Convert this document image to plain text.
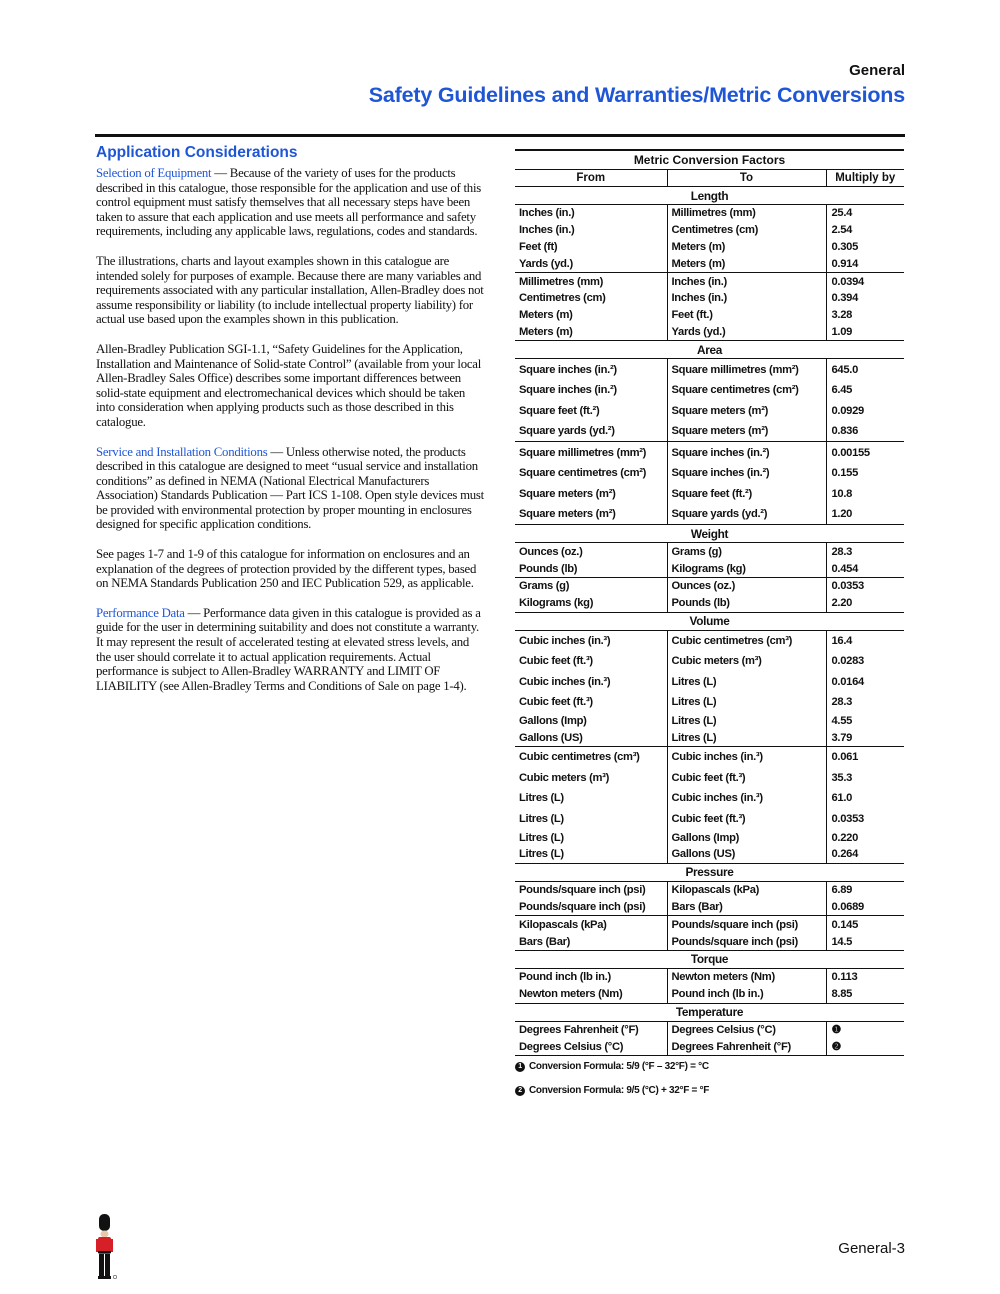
General
Safety Guidelines and Warranties/Metric Conversions
Application Considerations

Selection of Equipment — Because of the variety of uses for the products described in this catalogue, those responsible for the application and use of this control equipment must satisfy themselves that all necessary steps have been taken to assure that each application and use meets all performance and safety requirements, including any applicable laws, regulations, codes and standards.

The illustrations, charts and layout examples shown in this catalogue are intended solely for purposes of example. Because there are many variables and requirements associated with any particular installation, Allen-Bradley does not assume responsibility or liability (to include intellectual property liability) for actual use based upon the examples shown in this publication.

Allen-Bradley Publication SGI-1.1, “Safety Guidelines for the Application, Installation and Maintenance of Solid-state Control” (available from your local Allen-Bradley Sales Office) describes some important differences between solid-state equipment and electromechanical devices which should be taken into consideration when applying products such as those described in this catalogue.

Service and Installation Conditions — Unless otherwise noted, the products described in this catalogue are designed to meet “usual service and installation conditions” as defined in NEMA (National Electrical Manufacturers Association) Standards Publication — Part ICS 1-108. Open style devices must be provided with environmental protection by proper mounting in enclosures designed for specific application conditions.

See pages 1-7 and 1-9 of this catalogue for information on enclosures and an explanation of the degrees of protection provided by the different types, based on NEMA Standards Publication 250 and IEC Publication 529, as applicable.

Performance Data — Performance data given in this catalogue is provided as a guide for the user in determining suitability and does not constitute a warranty. It may represent the result of accelerated testing at elevated stress levels, and the user should correlate it to actual application requirements. Actual performance is subject to Allen-Bradley WARRANTY and LIMIT OF LIABILITY (see Allen-Bradley Terms and Conditions of Sale on page 1-4).

Metric Conversion Factors		
From	To	Multiply by
Length		
Inches (in.)	Millimetres (mm)	25.4
Inches (in.)	Centimetres (cm)	2.54
Feet (ft)	Meters (m)	0.305
Yards (yd.)	Meters (m)	0.914
Millimetres (mm)	Inches (in.)	0.0394
Centimetres (cm)	Inches (in.)	0.394
Meters (m)	Feet (ft.)	3.28
Meters (m)	Yards (yd.)	1.09
Area		
Square inches (in.²)	Square millimetres (mm²)	645.0
Square inches (in.²)	Square centimetres (cm²)	6.45
Square feet (ft.²)	Square meters (m²)	0.0929
Square yards (yd.²)	Square meters (m²)	0.836
Square millimetres (mm²)	Square inches (in.²)	0.00155
Square centimetres (cm²)	Square inches (in.²)	0.155
Square meters (m²)	Square feet (ft.²)	10.8
Square meters (m²)	Square yards (yd.²)	1.20
Weight		
Ounces (oz.)	Grams (g)	28.3
Pounds (lb)	Kilograms (kg)	0.454
Grams (g)	Ounces (oz.)	0.0353
Kilograms (kg)	Pounds (lb)	2.20
Volume		
Cubic inches (in.³)	Cubic centimetres (cm³)	16.4
Cubic feet (ft.³)	Cubic meters (m³)	0.0283
Cubic inches (in.³)	Litres (L)	0.0164
Cubic feet (ft.³)	Litres (L)	28.3
Gallons (Imp)	Litres (L)	4.55
Gallons (US)	Litres (L)	3.79
Cubic centimetres (cm³)	Cubic inches (in.³)	0.061
Cubic meters (m³)	Cubic feet (ft.³)	35.3
Litres (L)	Cubic inches (in.³)	61.0
Litres (L)	Cubic feet (ft.³)	0.0353
Litres (L)	Gallons (Imp)	0.220
Litres (L)	Gallons (US)	0.264
Pressure		
Pounds/square inch (psi)	Kilopascals (kPa)	6.89
Pounds/square inch (psi)	Bars (Bar)	0.0689
Kilopascals (kPa)	Pounds/square inch (psi)	0.145
Bars (Bar)	Pounds/square inch (psi)	14.5
Torque		
Pound inch (lb in.)	Newton meters (Nm)	0.113
Newton meters (Nm)	Pound inch (lb in.)	8.85
Temperature		
Degrees Fahrenheit (°F)	Degrees Celsius (°C)	❶
Degrees Celsius (°C)	Degrees Fahrenheit (°F)	❷
1 Conversion Formula: 5/9 (°F – 32°F) = °C
2 Conversion Formula: 9/5 (°C) + 32°F = °F
General-3
